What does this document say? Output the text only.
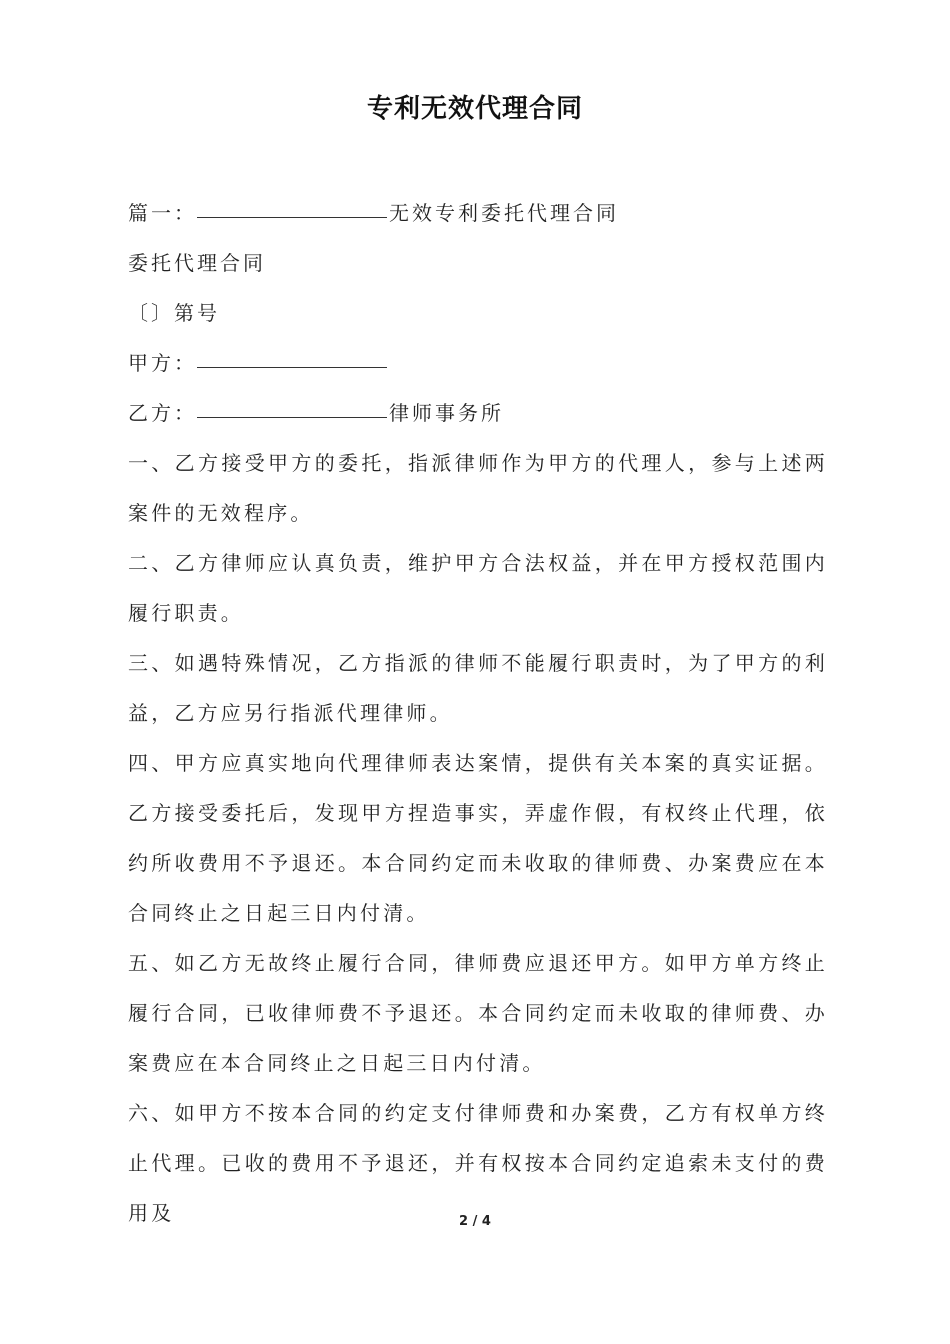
专利无效代理合同
篇一：	无效专利委托代理合同
委托代理合同
〔〕第号
甲方：
乙方：	律师事务所

一、乙方接受甲方的委托，指派律师作为甲方的代理人，参与上述两案件的无效程序。

二、乙方律师应认真负责，维护甲方合法权益，并在甲方授权范围内履行职责。

三、如遇特殊情况，乙方指派的律师不能履行职责时，为了甲方的利益，乙方应另行指派代理律师。

四、甲方应真实地向代理律师表达案情，提供有关本案的真实证据。乙方接受委托后，发现甲方捏造事实，弄虚作假，有权终止代理，依约所收费用不予退还。本合同约定而未收取的律师费、办案费应在本合同终止之日起三日内付清。

五、如乙方无故终止履行合同，律师费应退还甲方。如甲方单方终止履行合同，已收律师费不予退还。本合同约定而未收取的律师费、办案费应在本合同终止之日起三日内付清。

六、如甲方不按本合同的约定支付律师费和办案费，乙方有权单方终止代理。已收的费用不予退还，并有权按本合同约定追索未支付的费用及	2 / 4
